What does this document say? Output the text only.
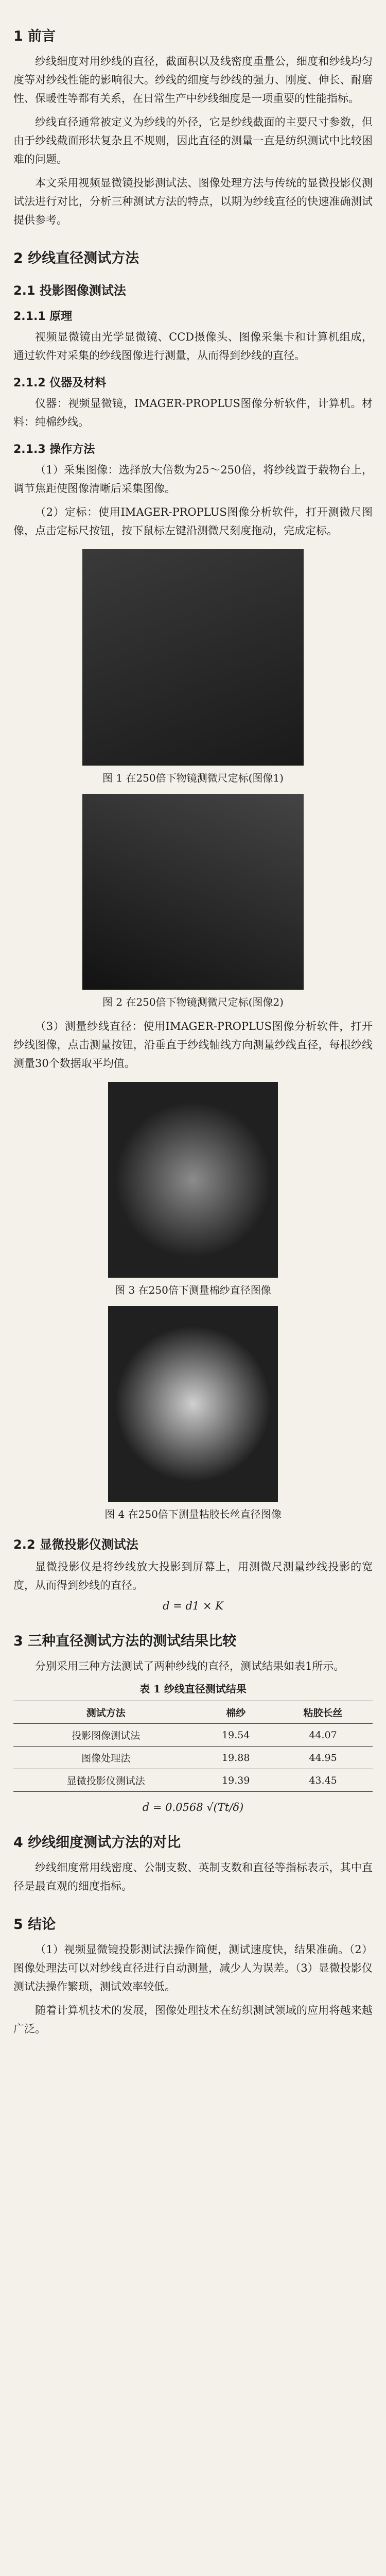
1 前言

纱线细度对用纱线的直径，截面积以及线密度重量公，细度和纱线均匀度等对纱线性能的影响很大。纱线的细度与纱线的强力、刚度、伸长、耐磨性、保暖性等都有关系，在日常生产中纱线细度是一项重要的性能指标。

纱线直径通常被定义为纱线的外径，它是纱线截面的主要尺寸参数，但由于纱线截面形状复杂且不规则，因此直径的测量一直是纺织测试中比较困难的问题。

本文采用视频显微镜投影测试法、图像处理方法与传统的显微投影仪测试法进行对比，分析三种测试方法的特点，以期为纱线直径的快速准确测试提供参考。

2 纱线直径测试方法
2.1 投影图像测试法
2.1.1 原理

视频显微镜由光学显微镜、CCD摄像头、图像采集卡和计算机组成，通过软件对采集的纱线图像进行测量，从而得到纱线的直径。

2.1.2 仪器及材料

仪器：视频显微镜，IMAGER-PROPLUS图像分析软件，计算机。材料：纯棉纱线。

2.1.3 操作方法

（1）采集图像：选择放大倍数为25～250倍，将纱线置于载物台上，调节焦距使图像清晰后采集图像。

（2）定标：使用IMAGER-PROPLUS图像分析软件，打开测微尺图像，点击定标尺按钮，按下鼠标左键沿测微尺刻度拖动，完成定标。

图 1 在250倍下物镜测微尺定标(图像1)
图 2 在250倍下物镜测微尺定标(图像2)

（3）测量纱线直径：使用IMAGER-PROPLUS图像分析软件，打开纱线图像，点击测量按钮，沿垂直于纱线轴线方向测量纱线直径，每根纱线测量30个数据取平均值。

图 3 在250倍下测量棉纱直径图像
图 4 在250倍下测量粘胶长丝直径图像
2.2 显微投影仪测试法

显微投影仪是将纱线放大投影到屏幕上，用测微尺测量纱线投影的宽度，从而得到纱线的直径。

d = d1 × K
3 三种直径测试方法的测试结果比较

分别采用三种方法测试了两种纱线的直径，测试结果如表1所示。

表 1 纱线直径测试结果
测试方法	棉纱	粘胶长丝
投影图像测试法	19.54	44.07
图像处理法	19.88	44.95
显微投影仪测试法	19.39	43.45
d = 0.0568 √(Tt/δ)
4 纱线细度测试方法的对比

纱线细度常用线密度、公制支数、英制支数和直径等指标表示，其中直径是最直观的细度指标。

5 结论

（1）视频显微镜投影测试法操作简便，测试速度快，结果准确。（2）图像处理法可以对纱线直径进行自动测量，减少人为误差。（3）显微投影仪测试法操作繁琐，测试效率较低。

随着计算机技术的发展，图像处理技术在纺织测试领域的应用将越来越广泛。
